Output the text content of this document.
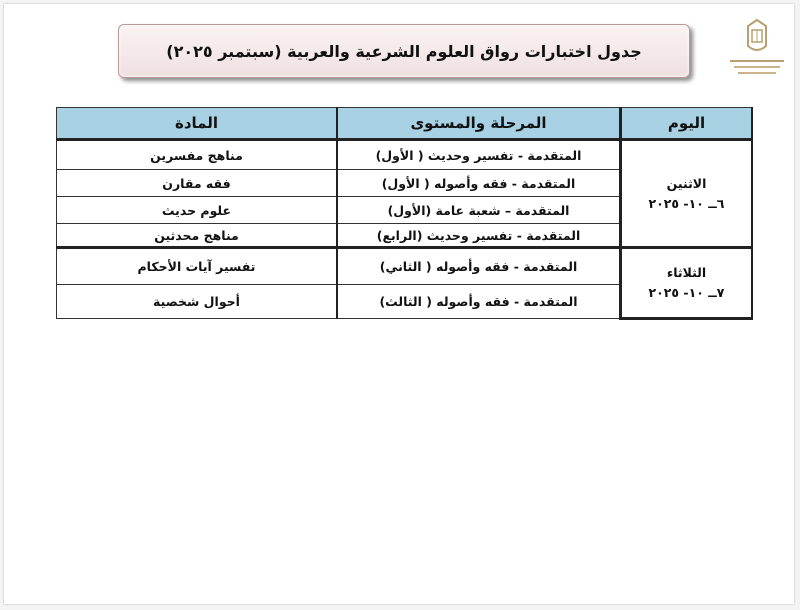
جدول اختبارات رواق العلوم الشرعية والعربية (سبتمبر ٢٠٢٥)
اليوم	المرحلة والمستوى	المادة

الاثنين
٦ــ ١٠- ٢٠٢٥	المتقدمة - تفسير وحديث ( الأول)	مناهج مفسرين
	المتقدمة - فقه وأصوله ( الأول)	فقه مقارن
	المتقدمة – شعبة عامة (الأول)	علوم حديث
	المتقدمة - تفسير وحديث (الرابع)	مناهج محدثين

الثلاثاء
٧ــ ١٠- ٢٠٢٥	المتقدمة - فقه وأصوله ( الثاني)	تفسير آيات الأحكام
	المتقدمة - فقه وأصوله ( الثالث)	أحوال شخصية
